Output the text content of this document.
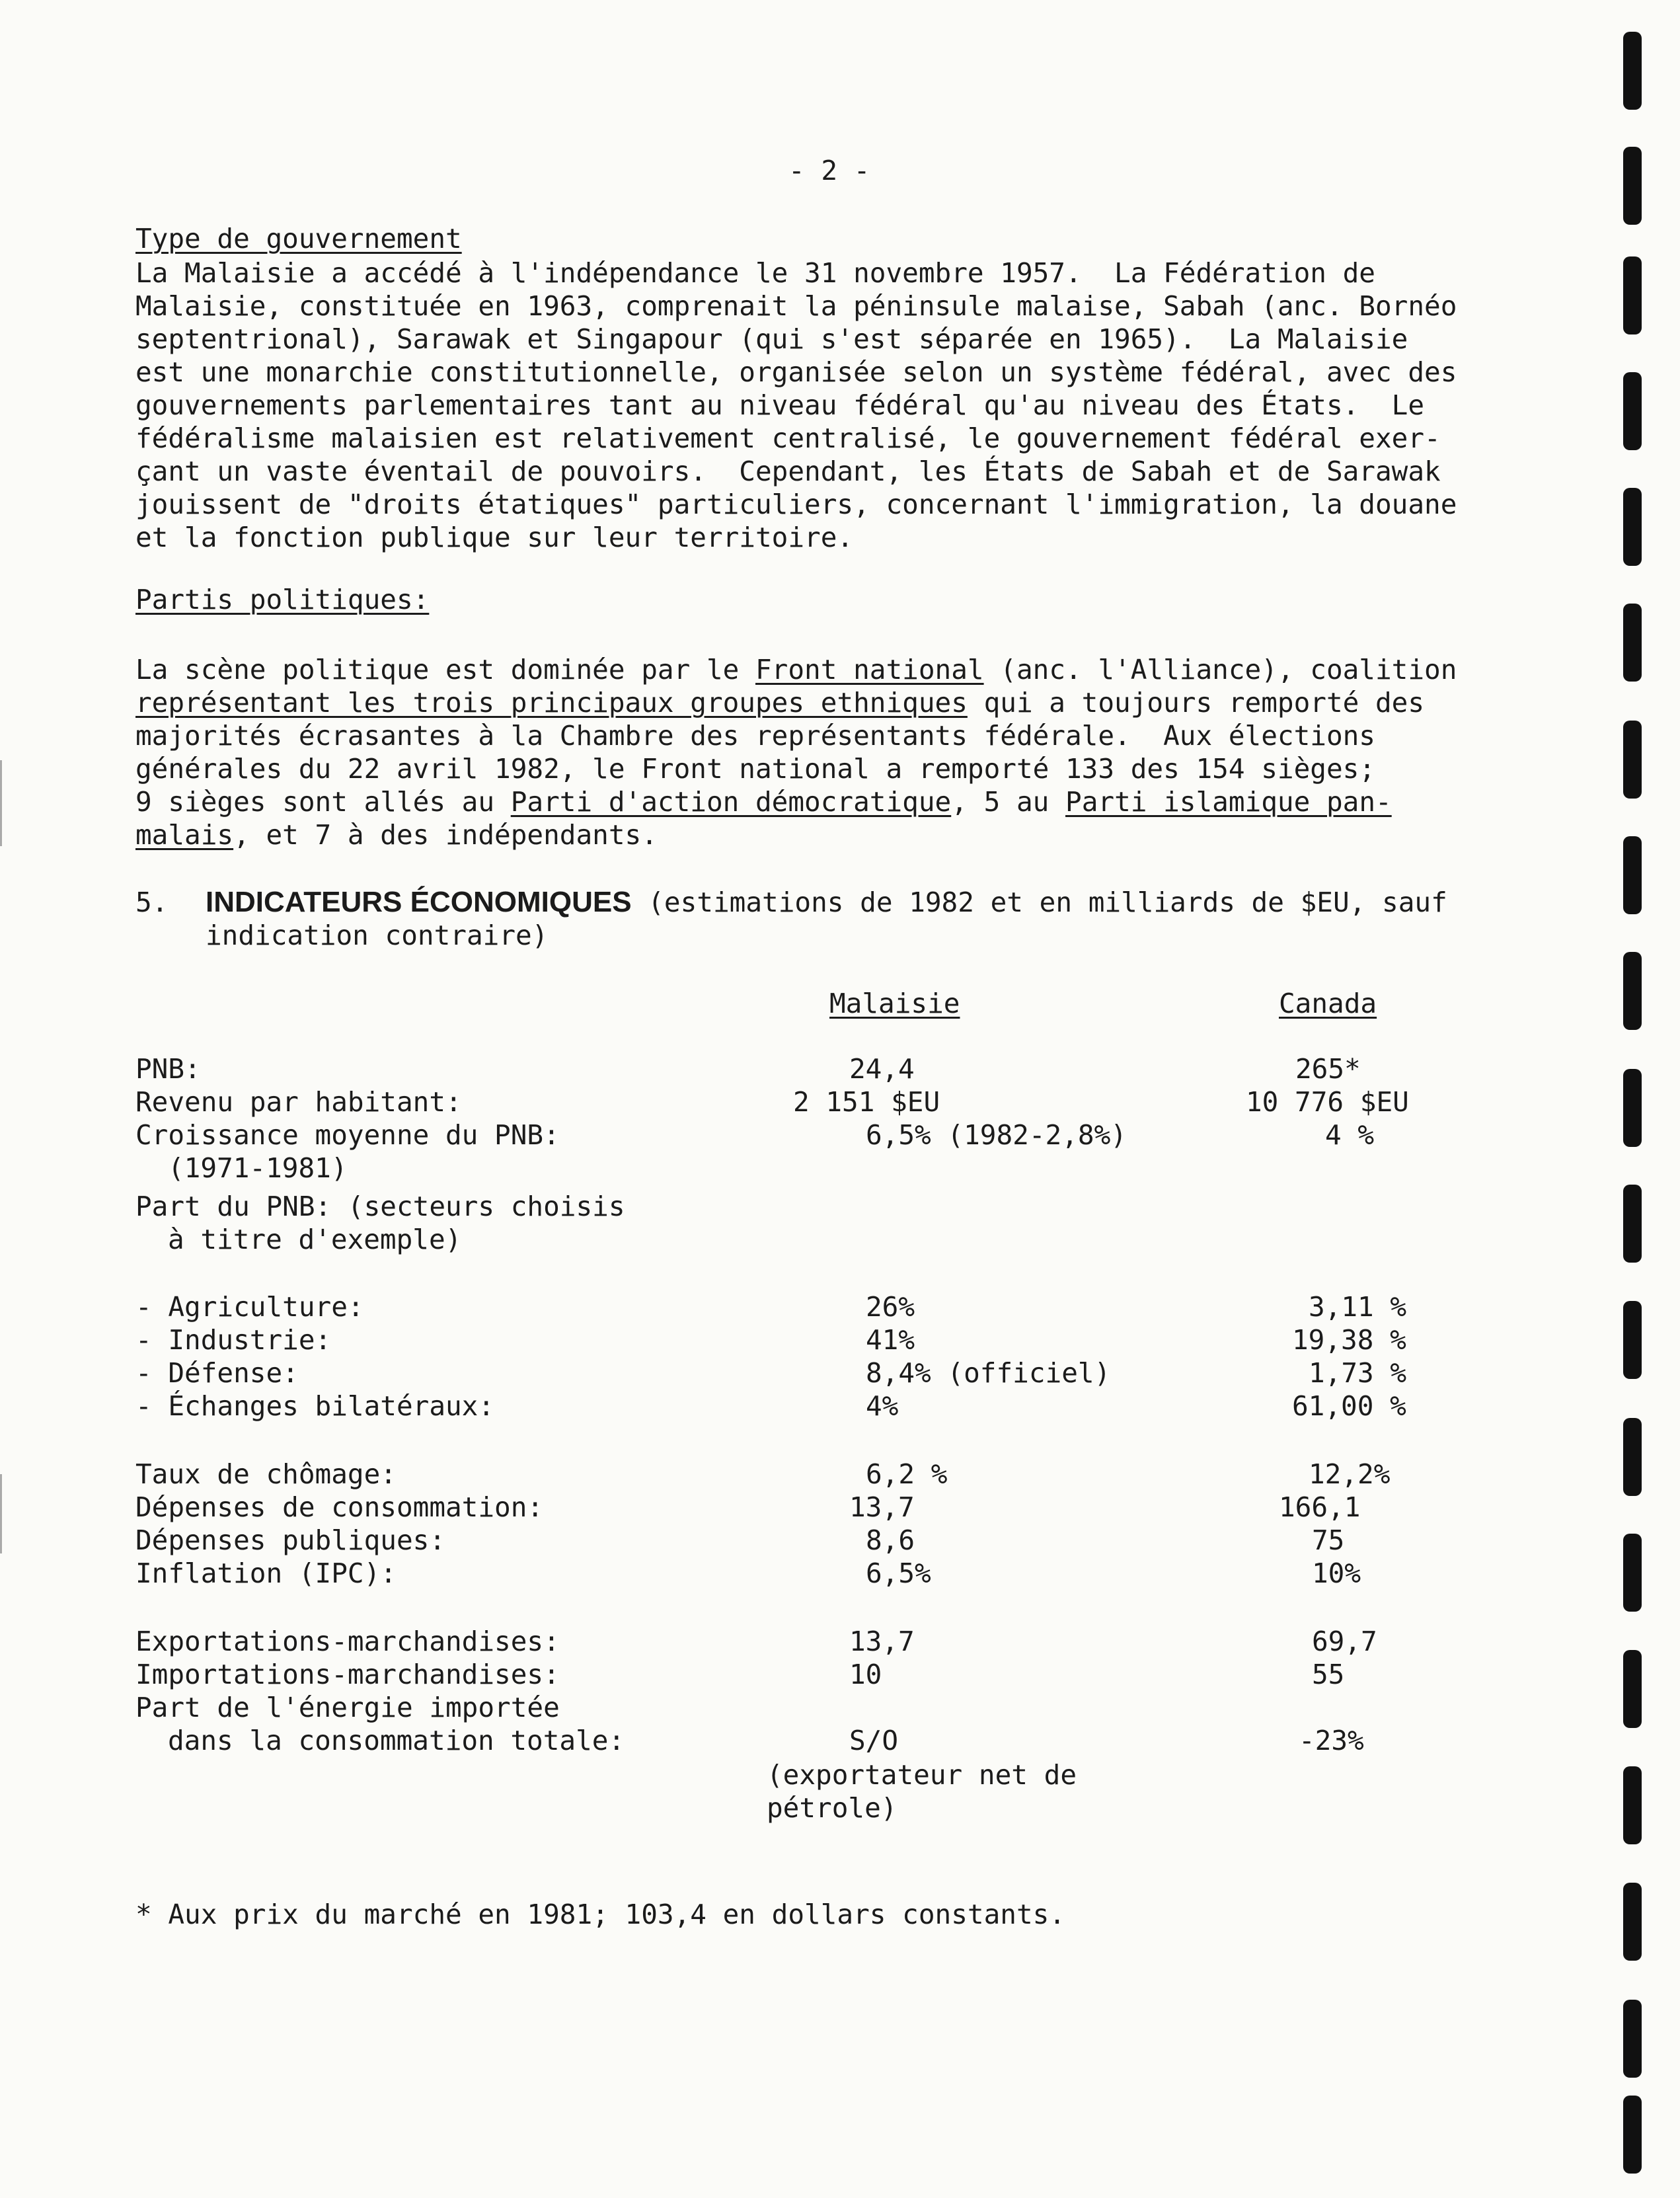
- 2 -
Type de gouvernement
La Malaisie a accédé à l'indépendance le 31 novembre 1957.  La Fédération de
Malaisie, constituée en 1963, comprenait la péninsule malaise, Sabah (anc. Bornéo
septentrional), Sarawak et Singapour (qui s'est séparée en 1965).  La Malaisie
est une monarchie constitutionnelle, organisée selon un système fédéral, avec des
gouvernements parlementaires tant au niveau fédéral qu'au niveau des États.  Le
fédéralisme malaisien est relativement centralisé, le gouvernement fédéral exer-
çant un vaste éventail de pouvoirs.  Cependant, les États de Sabah et de Sarawak
jouissent de "droits étatiques" particuliers, concernant l'immigration, la douane
et la fonction publique sur leur territoire.
Partis politiques:
La scène politique est dominée par le Front national (anc. l'Alliance), coalition
représentant les trois principaux groupes ethniques qui a toujours remporté des
majorités écrasantes à la Chambre des représentants fédérale.  Aux élections
générales du 22 avril 1982, le Front national a remporté 133 des 154 sièges;
9 sièges sont allés au Parti d'action démocratique, 5 au Parti islamique pan-
malais, et 7 à des indépendants.
5. INDICATEURS ÉCONOMIQUES (estimations de 1982 et en milliards de $EU, sauf
indication contraire)
Malaisie	Canada
PNB:	24,4	265*
Revenu par habitant:	2 151 $EU	10 776 $EU
Croissance moyenne du PNB:	6,5% (1982-2,8%)	4 %
(1971-1981)
Part du PNB: (secteurs choisis
à titre d'exemple)
- Agriculture:	26%	3,11 %
- Industrie:	41%	19,38 %
- Défense:	8,4% (officiel)	1,73 %
- Échanges bilatéraux:	4%	61,00 %
Taux de chômage:	6,2 %	12,2%
Dépenses de consommation:	13,7	166,1
Dépenses publiques:	8,6	75
Inflation (IPC):	6,5%	10%
Exportations-marchandises:	13,7	69,7
Importations-marchandises:	10	55
Part de l'énergie importée
dans la consommation totale:	S/O	-23%
(exportateur net de
pétrole)
* Aux prix du marché en 1981; 103,4 en dollars constants.
